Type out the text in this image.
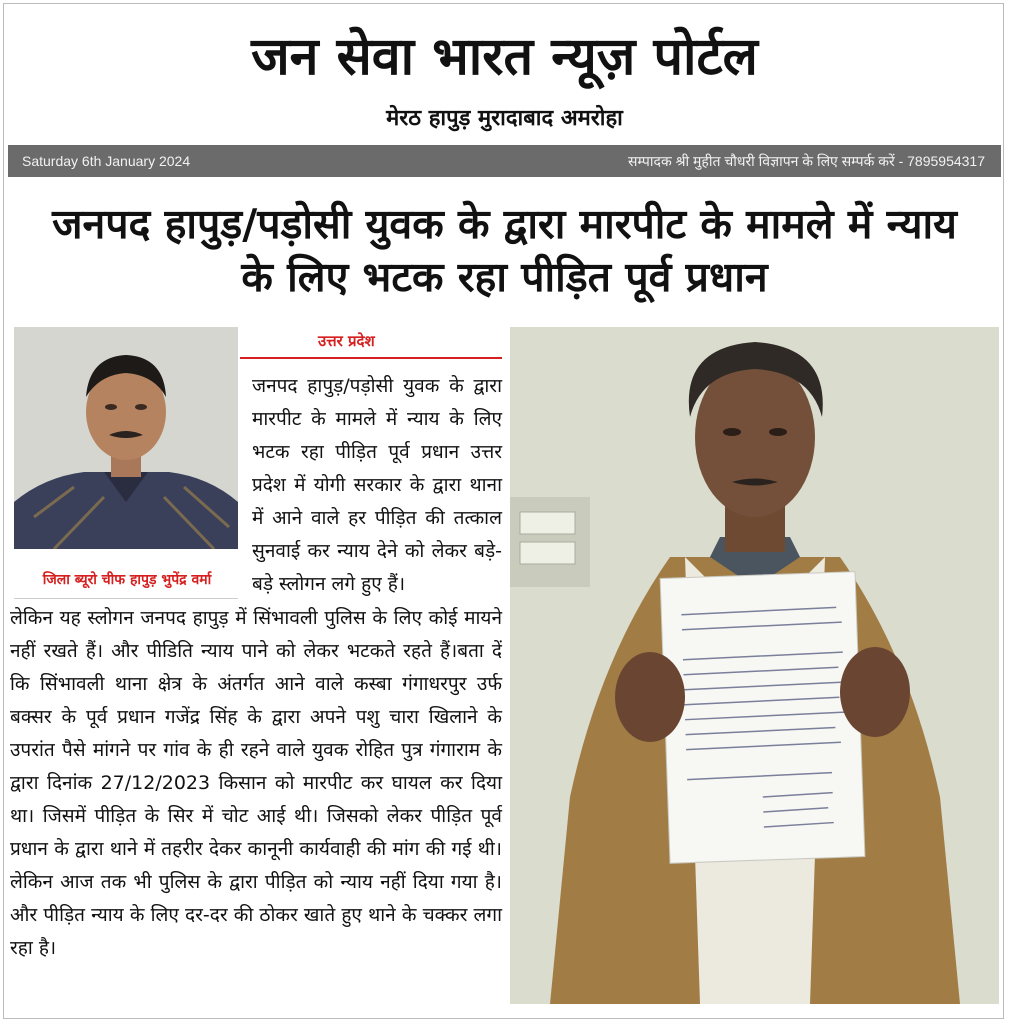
जन सेवा भारत न्यूज़ पोर्टल
मेरठ हापुड़ मुरादाबाद अमरोहा
Saturday 6th January 2024	सम्पादक श्री मुहीत चौधरी विज्ञापन के लिए सम्पर्क करें - 7895954317
जनपद हापुड़/पड़ोसी युवक के द्वारा मारपीट के मामले में न्याय
के लिए भटक रहा पीड़ित पूर्व प्रधान
जिला ब्यूरो चीफ हापुड़ भुपेंद्र वर्मा
उत्तर प्रदेश

जनपद हापुड़/पड़ोसी युवक के द्वारा मारपीट के मामले में न्याय के लिए भटक रहा पीड़ित पूर्व प्रधान उत्तर प्रदेश में योगी सरकार के द्वारा थाना में आने वाले हर पीड़ित की तत्काल सुनवाई कर न्याय देने को लेकर बड़े-बड़े स्लोगन लगे हुए हैं।

लेकिन यह स्लोगन जनपद हापुड़ में सिंभावली पुलिस के लिए कोई मायने नहीं रखते हैं। और पीडिति न्याय पाने को लेकर भटकते रहते हैं।बता दें कि सिंभावली थाना क्षेत्र के अंतर्गत आने वाले कस्बा गंगाधरपुर उर्फ बक्सर के पूर्व प्रधान गजेंद्र सिंह के द्वारा अपने पशु चारा खिलाने के उपरांत पैसे मांगने पर गांव के ही रहने वाले युवक रोहित पुत्र गंगाराम के द्वारा दिनांक 27/12/2023 किसान को मारपीट कर घायल कर दिया था। जिसमें पीड़ित के सिर में चोट आई थी। जिसको लेकर पीड़ित पूर्व प्रधान के द्वारा थाने में तहरीर देकर कानूनी कार्यवाही की मांग की गई थी। लेकिन आज तक भी पुलिस के द्वारा पीड़ित को न्याय नहीं दिया गया है। और पीड़ित न्याय के लिए दर-दर की ठोकर खाते हुए थाने के चक्कर लगा रहा है।
